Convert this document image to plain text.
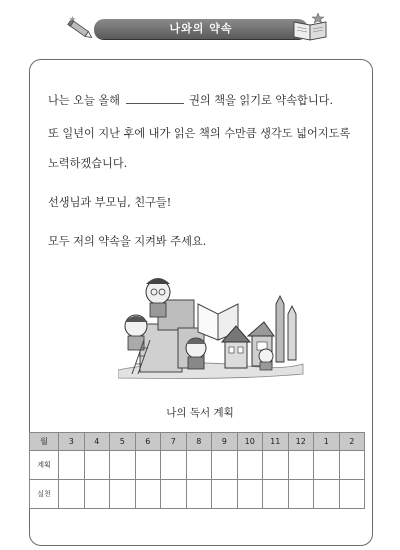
나와의 약속
나는 오늘 올해	권의 책을 읽기로 약속합니다.
또 일년이 지난 후에 내가 읽은 책의 수만큼 생각도 넓어지도록
노력하겠습니다.
선생님과 부모님, 친구들!
모두 저의 약속을 지켜봐 주세요.
나의 독서 계획
월	3	4	5	6	7	8	9	10	11	12	1	2
계획												
실천												
